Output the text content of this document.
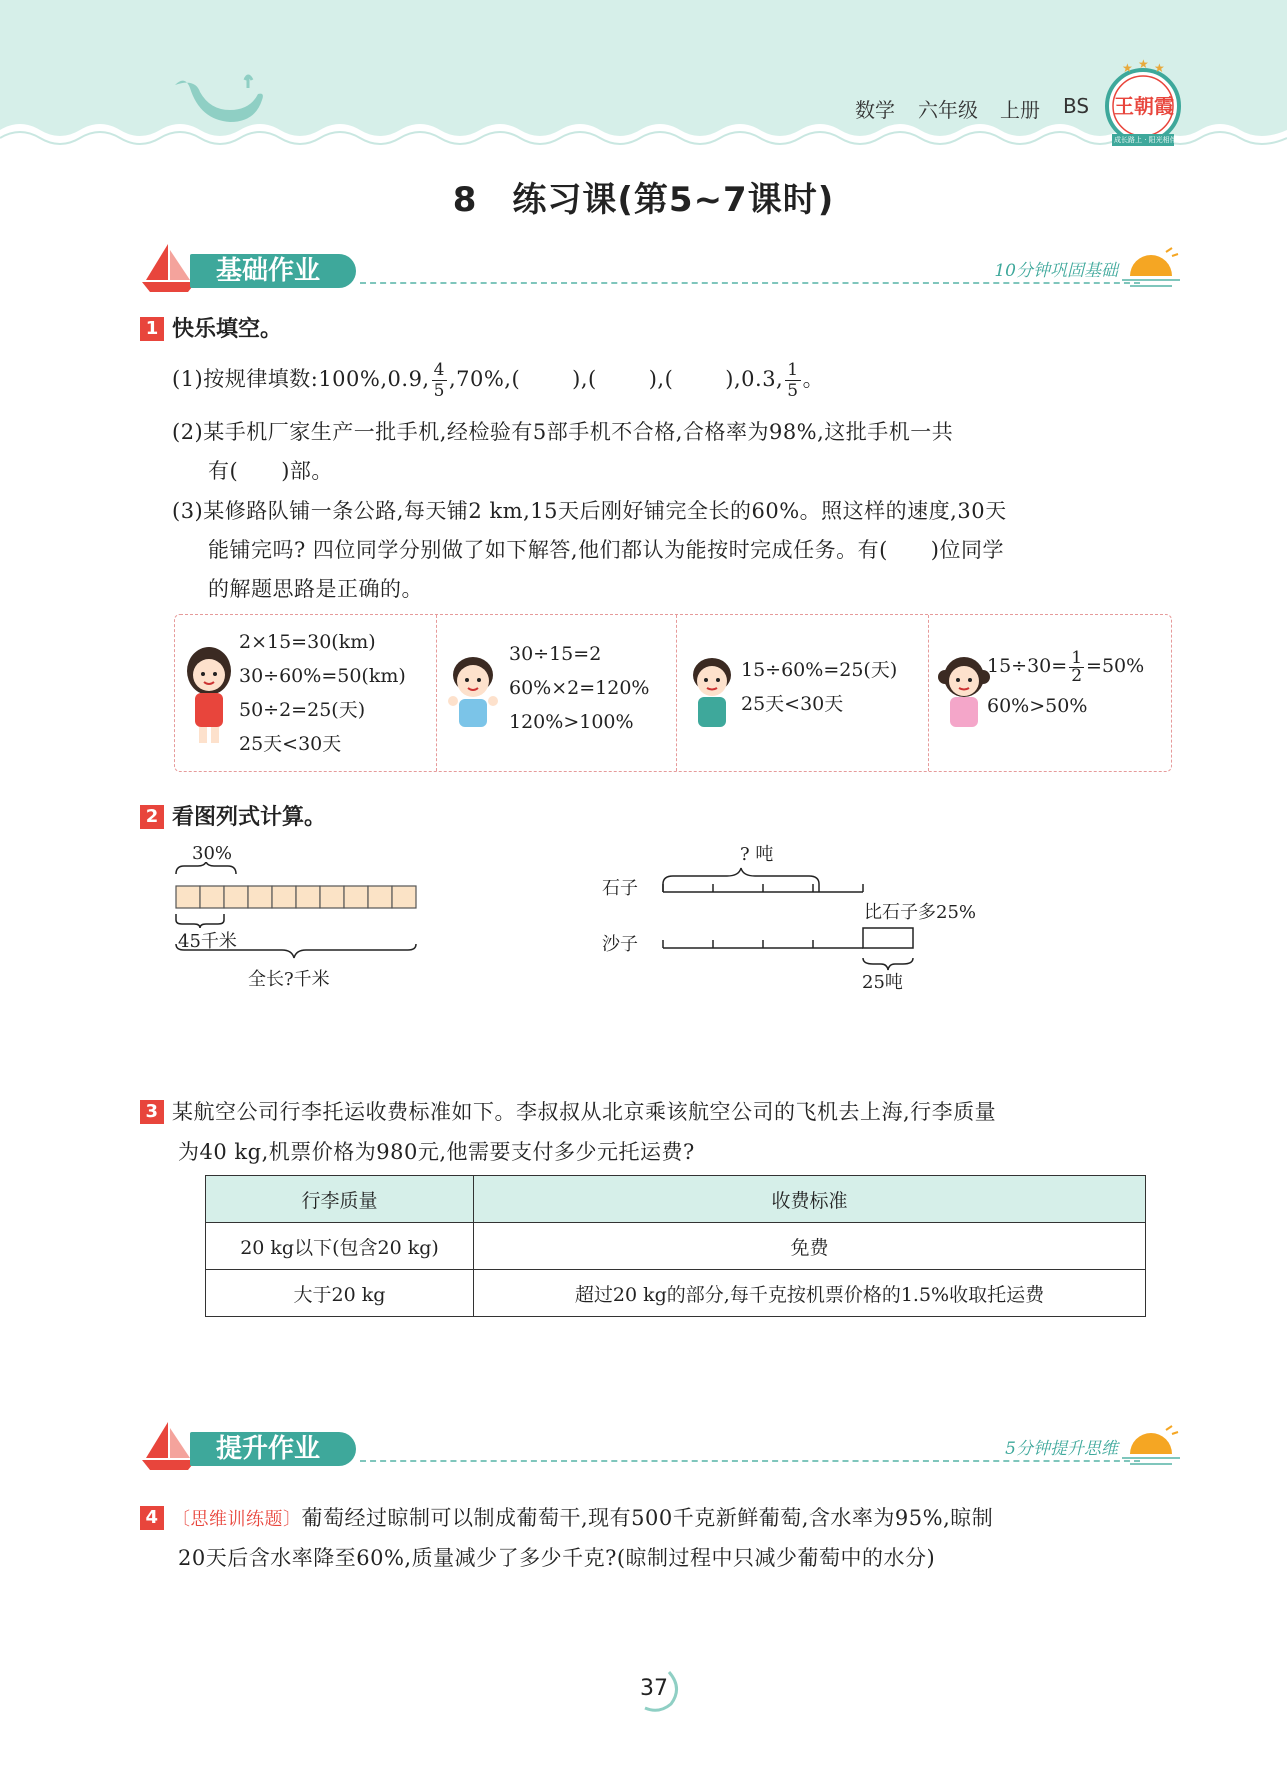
数学 六年级 上册 BS
★ ★ ★
王朝霞
成长路上 · 阳光相伴
8　练习课(第5~7课时)
基础作业	10分钟巩固基础
1 快乐填空。
(1)按规律填数:100%,0.9, $\frac{4}{5} ,70\%$,( ),( ),( ),0.3, $\frac{1}{5}$ 。
(2)某手机厂家生产一批手机,经检验有5部手机不合格,合格率为98%,这批手机一共
有(　　)部。
(3)某修路队铺一条公路,每天铺2 km,15天后刚好铺完全长的60%。照这样的速度,30天
能铺完吗? 四位同学分别做了如下解答,他们都认为能按时完成任务。有(　　)位同学
的解题思路是正确的。
2×15=30(km)
30÷60%=50(km)
50÷2=25(天)
25天<30天
30÷15=2
60%×2=120%
120%>100%
15÷60%=25(天)
25天<30天
$15\div 30= \frac{1}{2} =50\%$
60%>50%
2 看图列式计算。
30%
45千米
全长?千米
? 吨
石子
沙子
比石子多25%
25吨
3 某航空公司行李托运收费标准如下。李叔叔从北京乘该航空公司的飞机去上海,行李质量
为40 kg,机票价格为980元,他需要支付多少元托运费?
行李质量	收费标准
20 kg以下(包含20 kg)	免费
大于20 kg	超过20 kg的部分,每千克按机票价格的1.5%收取托运费
提升作业	5分钟提升思维
4 〔思维训练题〕葡萄经过晾制可以制成葡萄干,现有500千克新鲜葡萄,含水率为95%,晾制
20天后含水率降至60%,质量减少了多少千克?(晾制过程中只减少葡萄中的水分)
37
